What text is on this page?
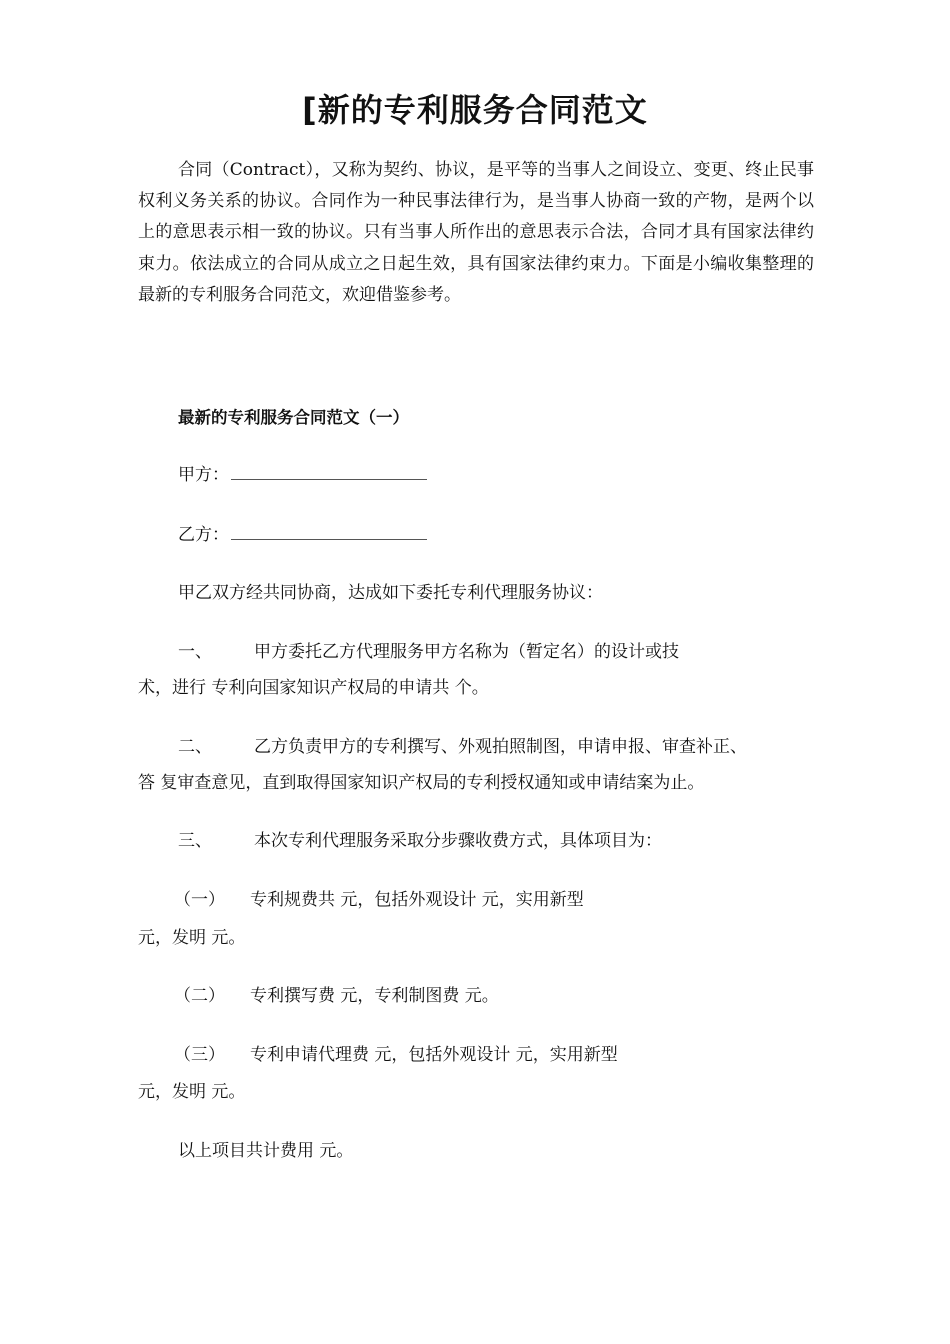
[新的专利服务合同范文

合同（Contract），又称为契约、协议，是平等的当事人之间设立、变更、终止民事权利义务关系的协议。合同作为一种民事法律行为，是当事人协商一致的产物，是两个以上的意思表示相一致的协议。只有当事人所作出的意思表示合法，合同才具有国家法律约束力。依法成立的合同从成立之日起生效，具有国家法律约束力。下面是小编收集整理的最新的专利服务合同范文，欢迎借鉴参考。

最新的专利服务合同范文（一）

甲方：

乙方：

甲乙双方经共同协商，达成如下委托专利代理服务协议：

一、 甲方委托乙方代理服务甲方名称为（暂定名）的设计或技

术，进行 专利向国家知识产权局的申请共 个。

二、 乙方负责甲方的专利撰写、外观拍照制图，申请申报、审查补正、

答 复审查意见，直到取得国家知识产权局的专利授权通知或申请结案为止。

三、 本次专利代理服务采取分步骤收费方式，具体项目为：

（一） 专利规费共 元，包括外观设计 元，实用新型

元，发明 元。

（二） 专利撰写费 元，专利制图费 元。

（三） 专利申请代理费 元，包括外观设计 元，实用新型

元，发明 元。

以上项目共计费用 元。
